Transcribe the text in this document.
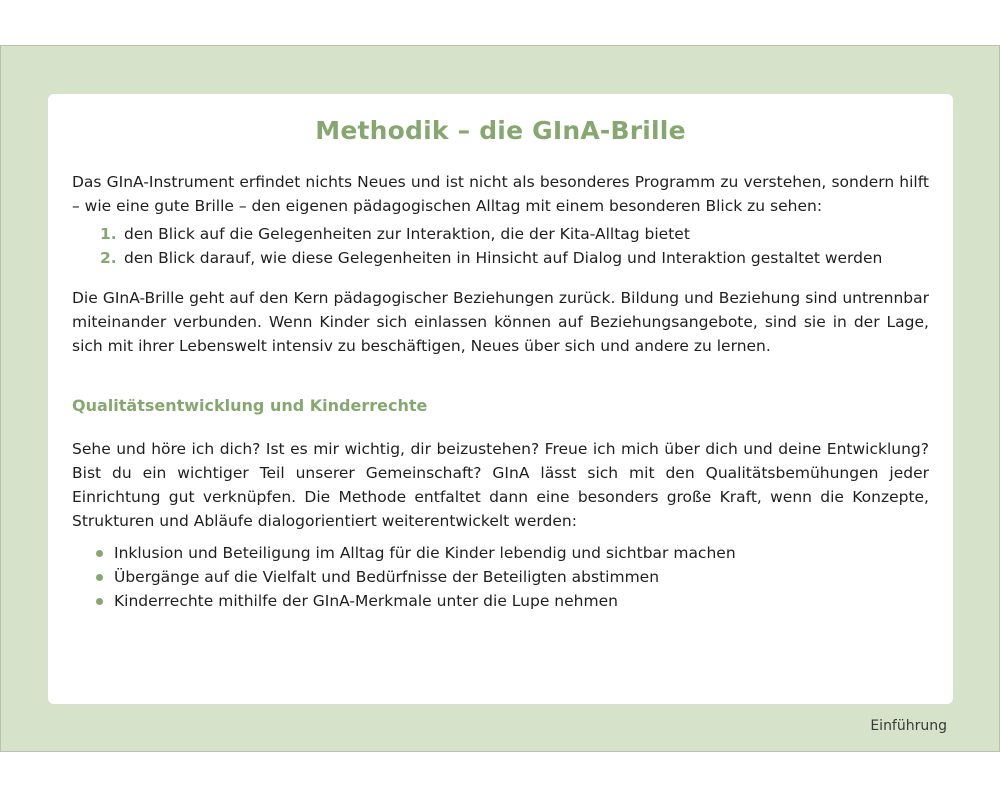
Methodik – die GInA-Brille

Das GInA-Instrument erfindet nichts Neues und ist nicht als besonderes Programm zu verstehen, sondern hilft – wie eine gute Brille – den eigenen pädagogischen Alltag mit einem besonderen Blick zu sehen:

1. den Blick auf die Gelegenheiten zur Interaktion, die der Kita-Alltag bietet
2. den Blick darauf, wie diese Gelegenheiten in Hinsicht auf Dialog und Interaktion gestaltet werden

Die GInA-Brille geht auf den Kern pädagogischer Beziehungen zurück. Bildung und Beziehung sind untrennbar miteinander verbunden. Wenn Kinder sich einlassen können auf Beziehungsangebote, sind sie in der Lage, sich mit ihrer Lebenswelt intensiv zu beschäftigen, Neues über sich und andere zu lernen.

Qualitätsentwicklung und Kinderrechte

Sehe und höre ich dich? Ist es mir wichtig, dir beizustehen? Freue ich mich über dich und deine Entwicklung? Bist du ein wichtiger Teil unserer Gemeinschaft? GInA lässt sich mit den Qualitätsbemühungen jeder Einrichtung gut verknüpfen. Die Methode entfaltet dann eine besonders große Kraft, wenn die Konzepte, Strukturen und Abläufe dialogorientiert weiterentwickelt werden:

Inklusion und Beteiligung im Alltag für die Kinder lebendig und sichtbar machen
Übergänge auf die Vielfalt und Bedürfnisse der Beteiligten abstimmen
Kinderrechte mithilfe der GInA-Merkmale unter die Lupe nehmen
Einführung
